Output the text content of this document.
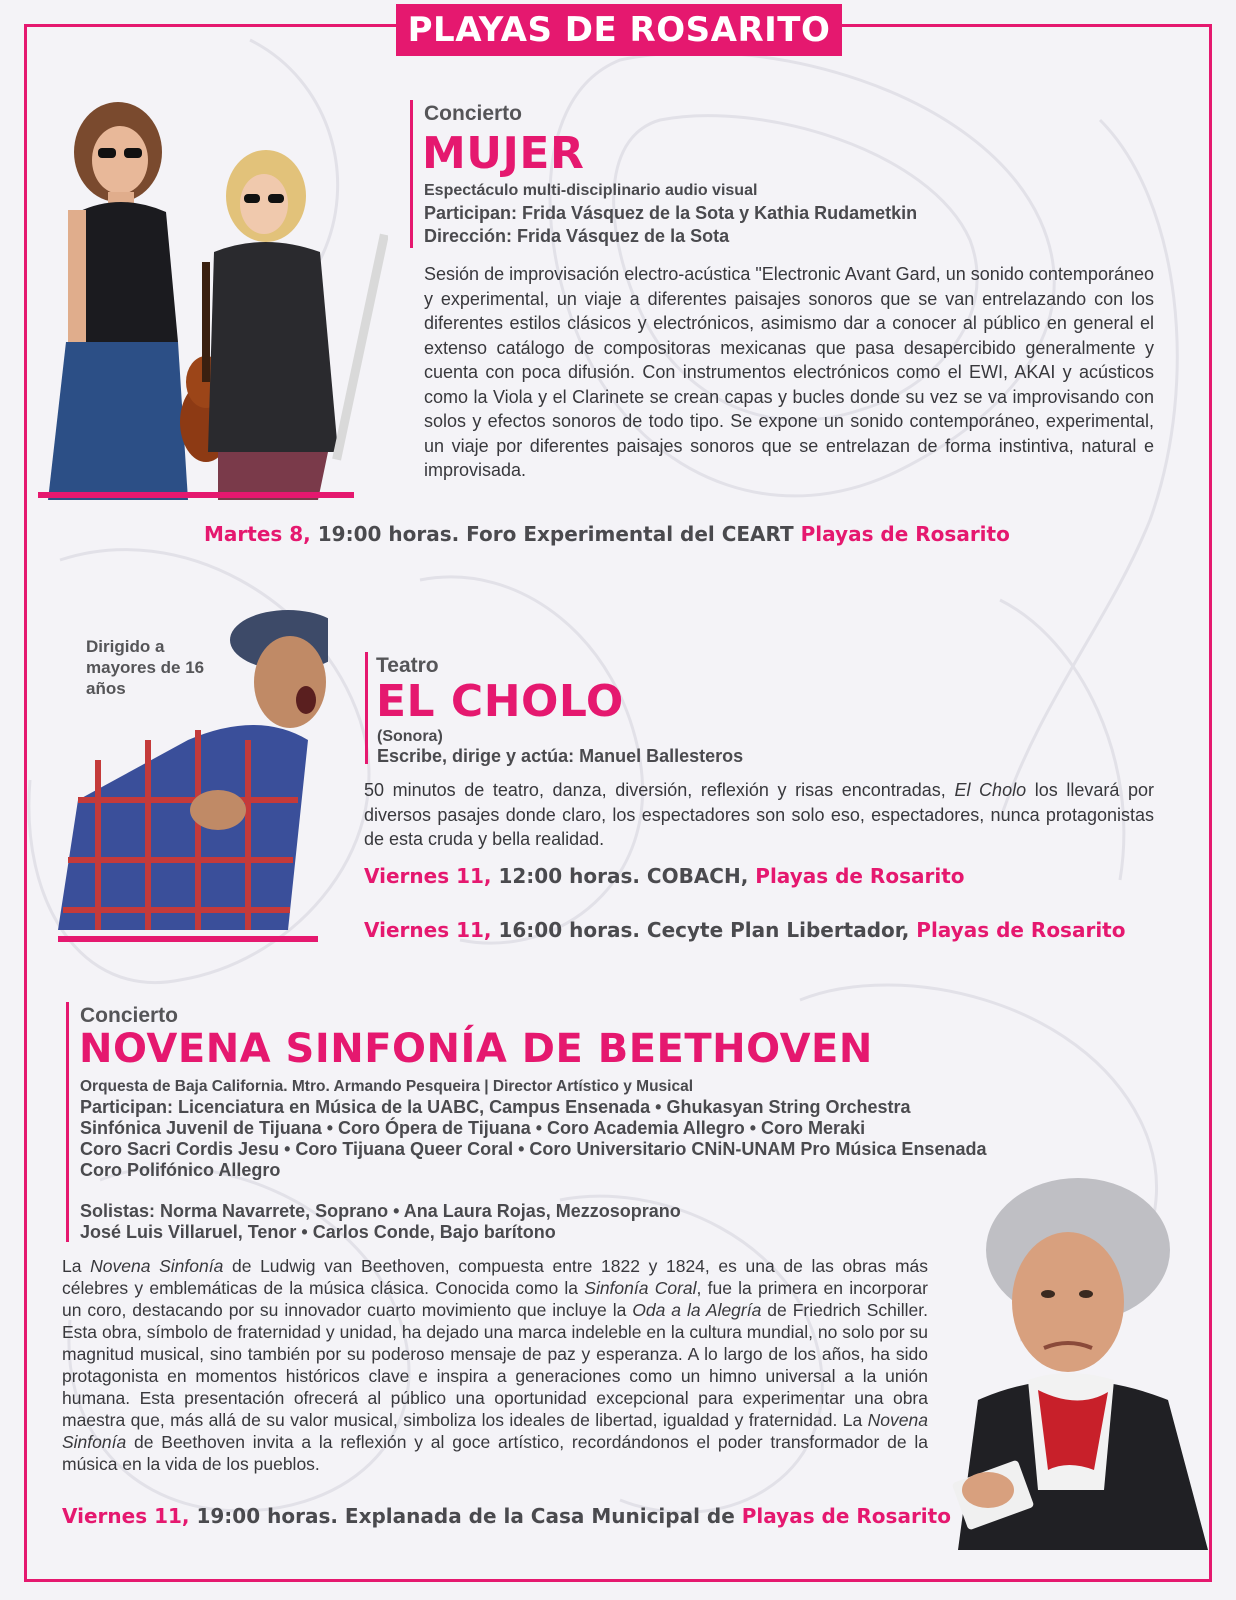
PLAYAS DE ROSARITO
Concierto
MUJER
Espectáculo multi-disciplinario audio visual
Participan: Frida Vásquez de la Sota y Kathia Rudametkin
Dirección: Frida Vásquez de la Sota
Sesión de improvisación electro-acústica "Electronic Avant Gard, un sonido contemporáneo y experimental, un viaje a diferentes paisajes sonoros que se van entrelazando con los diferentes estilos clásicos y electrónicos, asimismo dar a conocer al público en general el extenso catálogo de compositoras mexicanas que pasa desapercibido generalmente y cuenta con poca difusión. Con instrumentos electrónicos como el EWI, AKAI y acústicos como la Viola y el Clarinete se crean capas y bucles donde su vez se va improvisando con solos y efectos sonoros de todo tipo. Se expone un sonido contemporáneo, experimental, un viaje por diferentes paisajes sonoros que se entrelazan de forma instintiva, natural e improvisada.
Martes 8, 19:00 horas. Foro Experimental del CEART Playas de Rosarito
Dirigido a mayores de 16 años
Teatro
EL CHOLO
(Sonora)
Escribe, dirige y actúa: Manuel Ballesteros
50 minutos de teatro, danza, diversión, reflexión y risas encontradas, El Cholo los llevará por diversos pasajes donde claro, los espectadores son solo eso, espectadores, nunca protagonistas de esta cruda y bella realidad.
Viernes 11, 12:00 horas. COBACH, Playas de Rosarito
Viernes 11, 16:00 horas. Cecyte Plan Libertador, Playas de Rosarito
Concierto
NOVENA SINFONÍA DE BEETHOVEN
Orquesta de Baja California. Mtro. Armando Pesqueira | Director Artístico y Musical
Participan: Licenciatura en Música de la UABC, Campus Ensenada • Ghukasyan String Orchestra
Sinfónica Juvenil de Tijuana • Coro Ópera de Tijuana • Coro Academia Allegro • Coro Meraki
Coro Sacri Cordis Jesu • Coro Tijuana Queer Coral • Coro Universitario CNiN-UNAM Pro Música Ensenada
Coro Polifónico Allegro
Solistas: Norma Navarrete, Soprano • Ana Laura Rojas, Mezzosoprano
José Luis Villaruel, Tenor • Carlos Conde, Bajo barítono
La Novena Sinfonía de Ludwig van Beethoven, compuesta entre 1822 y 1824, es una de las obras más célebres y emblemáticas de la música clásica. Conocida como la Sinfonía Coral, fue la primera en incorporar un coro, destacando por su innovador cuarto movimiento que incluye la Oda a la Alegría de Friedrich Schiller. Esta obra, símbolo de fraternidad y unidad, ha dejado una marca indeleble en la cultura mundial, no solo por su magnitud musical, sino también por su poderoso mensaje de paz y esperanza. A lo largo de los años, ha sido protagonista en momentos históricos clave e inspira a generaciones como un himno universal a la unión humana. Esta presentación ofrecerá al público una oportunidad excepcional para experimentar una obra maestra que, más allá de su valor musical, simboliza los ideales de libertad, igualdad y fraternidad. La Novena Sinfonía de Beethoven invita a la reflexión y al goce artístico, recordándonos el poder transformador de la música en la vida de los pueblos.
Viernes 11, 19:00 horas. Explanada de la Casa Municipal de Playas de Rosarito
